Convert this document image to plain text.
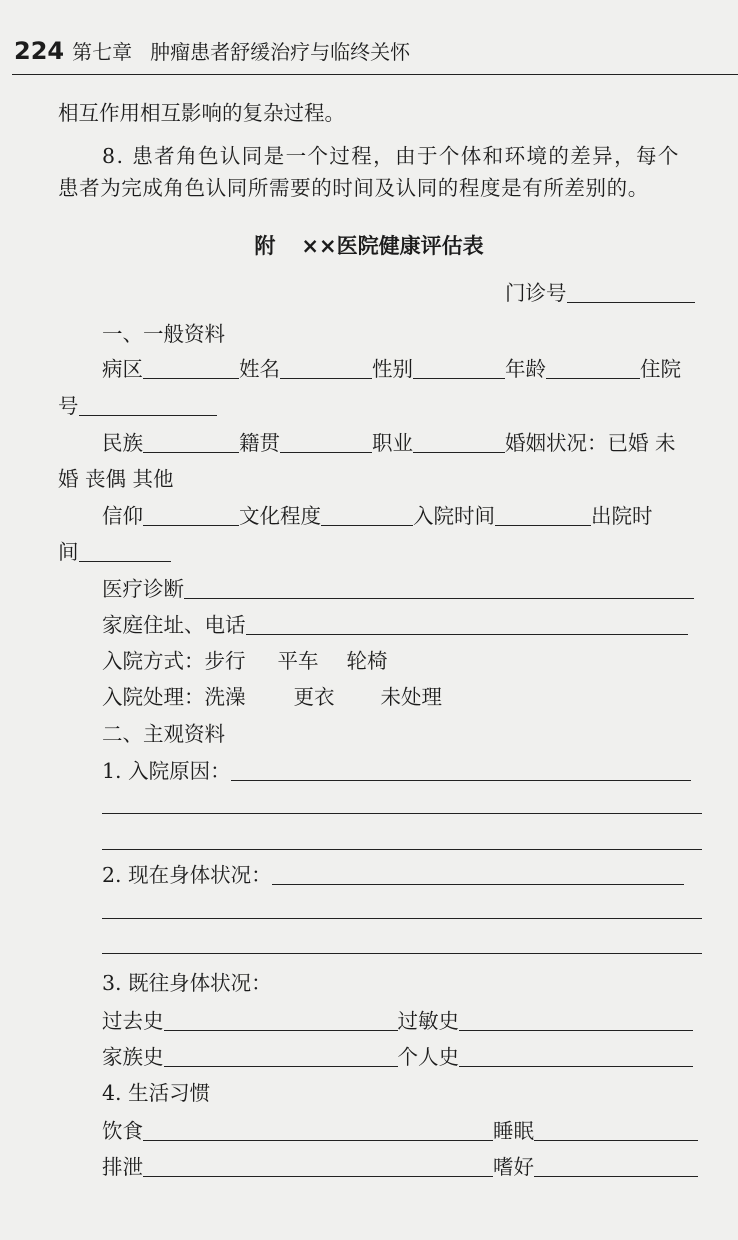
224 第七章 肿瘤患者舒缓治疗与临终关怀
相互作用相互影响的复杂过程。
8. 患者角色认同是一个过程，由于个体和环境的差异，每个
患者为完成角色认同所需要的时间及认同的程度是有所差别的。
附 ××医院健康评估表
门诊号
一、一般资料
病区	姓名	性别	年龄	住院
号
民族	籍贯	职业	婚姻状况：已婚 未
婚 丧偶 其他
信仰	文化程度	入院时间	出院时
间
医疗诊断
家庭住址、电话
入院方式：步行 平车 轮椅
入院处理：洗澡 更衣 未处理
二、主观资料
1. 入院原因：
2. 现在身体状况：
3. 既往身体状况：
过去史	过敏史
家族史	个人史
4. 生活习惯
饮食	睡眠
排泄	嗜好
